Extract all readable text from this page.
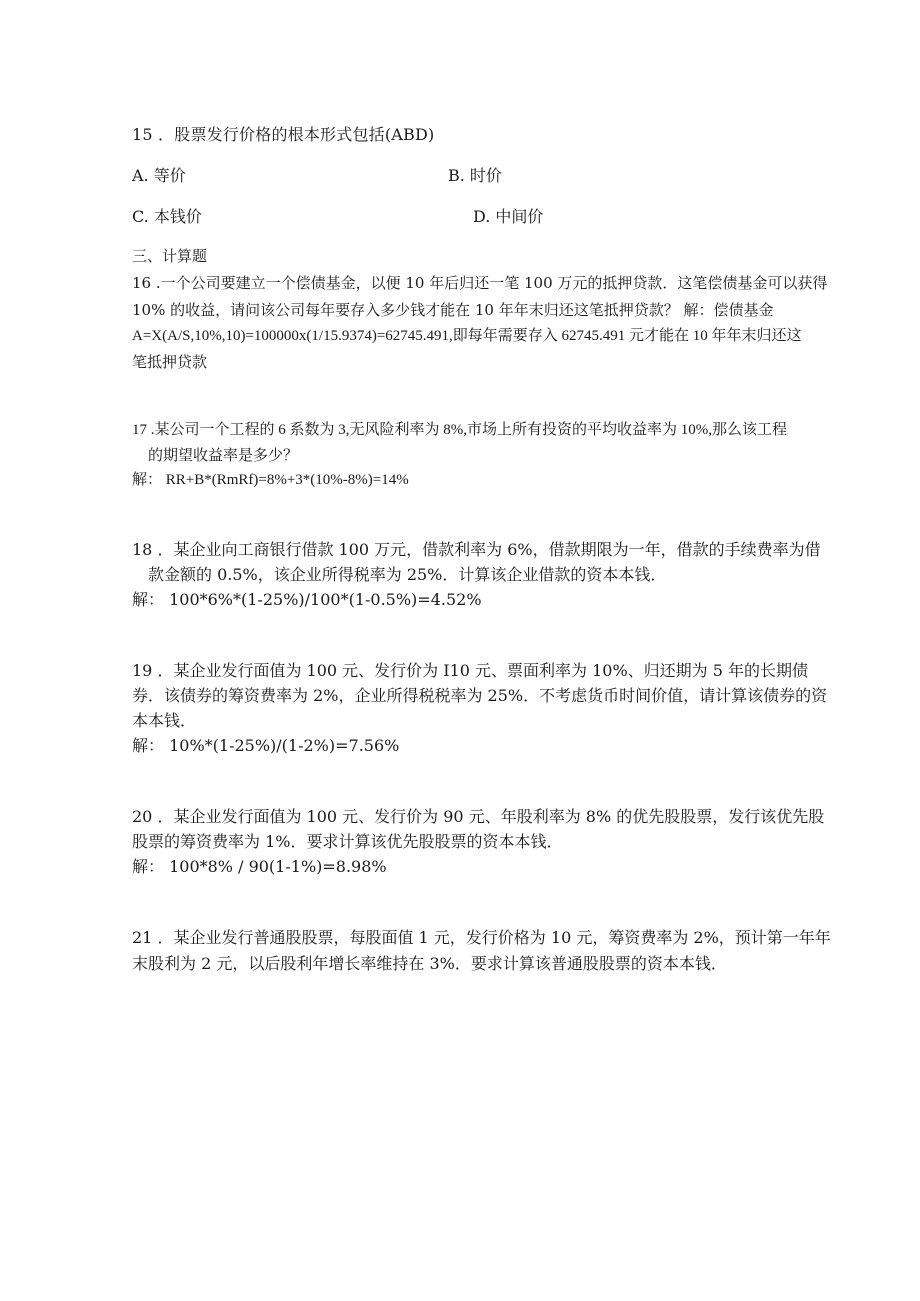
15 ．股票发行价格的根本形式包括(ABD)
A. 等价	B. 时价
C. 本钱价	D. 中间价
三、计算题
16 .一个公司要建立一个偿债基金，以便 10 年后归还一笔 100 万元的抵押贷款．这笔偿债基金可以获得
10% 的收益，请问该公司每年要存入多少钱才能在 10 年年末归还这笔抵押贷款？ 解：偿债基金
A=X(A/S,10%,10)=100000x(1/15.9374)=62745.491,即每年需要存入 62745.491 元才能在 10 年年末归还这
笔抵押贷款
17 .某公司一个工程的 6 系数为 3,无风险利率为 8%,市场上所有投资的平均收益率为 10%,那么该工程
的期望收益率是多少？
解： RR+B*(RmRf)=8%+3*(10%-8%)=14%
18 ．某企业向工商银行借款 100 万元，借款利率为 6%，借款期限为一年，借款的手续费率为借
款金额的 0.5%，该企业所得税率为 25%．计算该企业借款的资本本钱．
解： 100*6%*(1-25%)/100*(1-0.5%)=4.52%
19 ．某企业发行面值为 100 元、发行价为 I10 元、票面利率为 10%、归还期为 5 年的长期债
券．该债券的筹资费率为 2%，企业所得税税率为 25%．不考虑货币时间价值，请计算该债券的资
本本钱．
解： 10%*(1-25%)/(1-2%)=7.56%
20 ．某企业发行面值为 100 元、发行价为 90 元、年股利率为 8% 的优先股股票，发行该优先股
股票的筹资费率为 1%．要求计算该优先股股票的资本本钱．
解： 100*8% / 90(1-1%)=8.98%
21 ．某企业发行普通股股票，每股面值 1 元，发行价格为 10 元，筹资费率为 2%，预计第一年年
末股利为 2 元，以后股利年增长率维持在 3%．要求计算该普通股股票的资本本钱．
